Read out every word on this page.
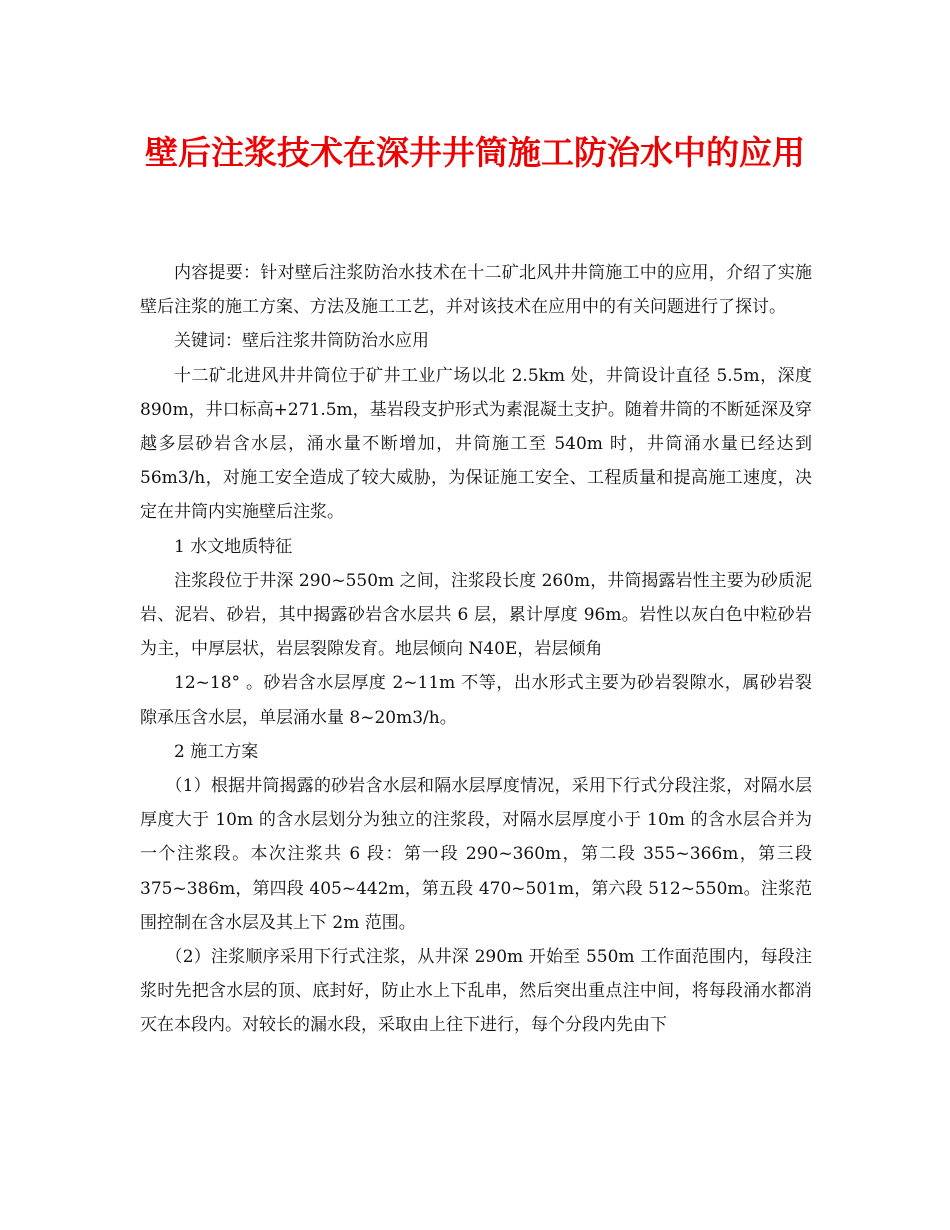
壁后注浆技术在深井井筒施工防治水中的应用

内容提要：针对壁后注浆防治水技术在十二矿北风井井筒施工中的应用，介绍了实施壁后注浆的施工方案、方法及施工工艺，并对该技术在应用中的有关问题进行了探讨。

关键词：壁后注浆井筒防治水应用

十二矿北进风井井筒位于矿井工业广场以北 2.5km 处，井筒设计直径 5.5m，深度 890m，井口标高+271.5m，基岩段支护形式为素混凝土支护。随着井筒的不断延深及穿越多层砂岩含水层，涌水量不断增加，井筒施工至 540m 时，井筒涌水量已经达到 56m3/h，对施工安全造成了较大威胁，为保证施工安全、工程质量和提高施工速度，决定在井筒内实施壁后注浆。

1 水文地质特征

注浆段位于井深 290~550m 之间，注浆段长度 260m，井筒揭露岩性主要为砂质泥岩、泥岩、砂岩，其中揭露砂岩含水层共 6 层，累计厚度 96m。岩性以灰白色中粒砂岩为主，中厚层状，岩层裂隙发育。地层倾向 N40E，岩层倾角

12~18° 。砂岩含水层厚度 2~11m 不等，出水形式主要为砂岩裂隙水，属砂岩裂隙承压含水层，单层涌水量 8~20m3/h。

2 施工方案

（1）根据井筒揭露的砂岩含水层和隔水层厚度情况，采用下行式分段注浆，对隔水层厚度大于 10m 的含水层划分为独立的注浆段，对隔水层厚度小于 10m 的含水层合并为一个注浆段。本次注浆共 6 段：第一段 290~360m，第二段 355~366m，第三段 375~386m，第四段 405~442m，第五段 470~501m，第六段 512~550m。注浆范围控制在含水层及其上下 2m 范围。

（2）注浆顺序采用下行式注浆，从井深 290m 开始至 550m 工作面范围内，每段注浆时先把含水层的顶、底封好，防止水上下乱串，然后突出重点注中间，将每段涌水都消灭在本段内。对较长的漏水段，采取由上往下进行，每个分段内先由下
